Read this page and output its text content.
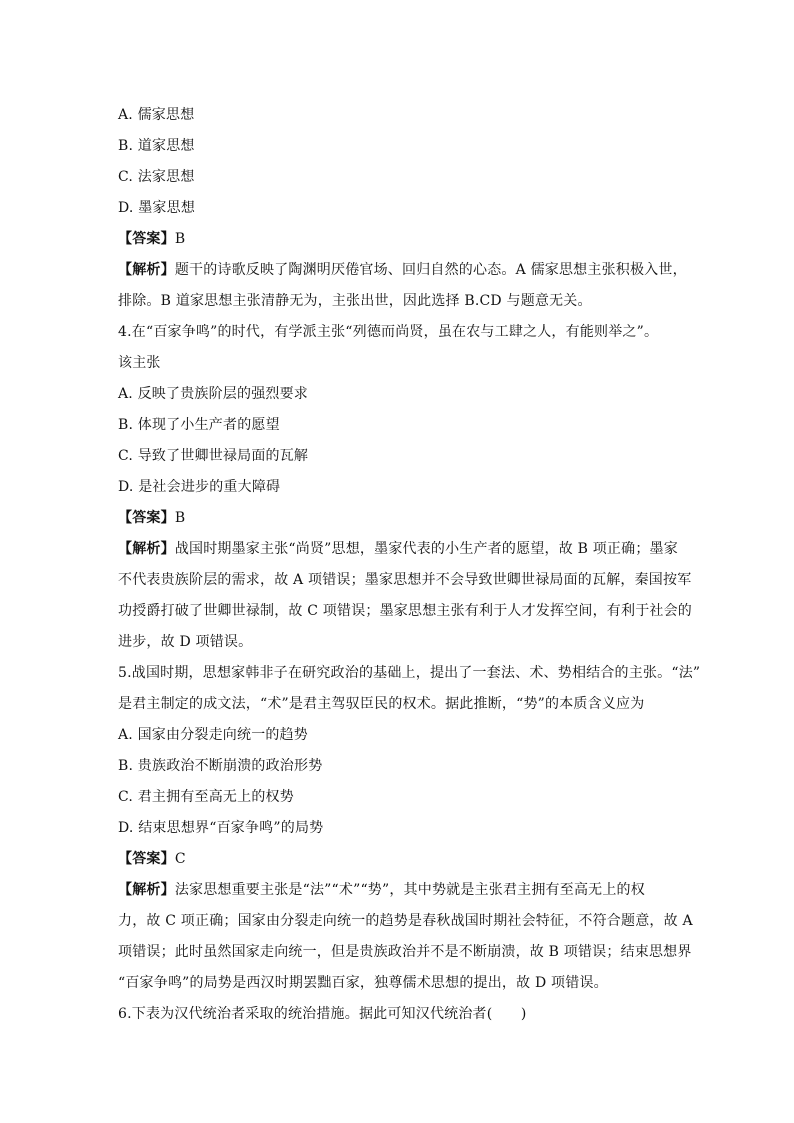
A. 儒家思想
B. 道家思想
C. 法家思想
D. 墨家思想
【答案】B
【解析】题干的诗歌反映了陶渊明厌倦官场、回归自然的心态。A 儒家思想主张积极入世，
排除。B 道家思想主张清静无为，主张出世，因此选择 B.CD 与题意无关。
4.在“百家争鸣”的时代，有学派主张“列德而尚贤，虽在农与工肆之人，有能则举之”。
该主张
A. 反映了贵族阶层的强烈要求
B. 体现了小生产者的愿望
C. 导致了世卿世禄局面的瓦解
D. 是社会进步的重大障碍
【答案】B
【解析】战国时期墨家主张“尚贤”思想，墨家代表的小生产者的愿望，故 B 项正确；墨家
不代表贵族阶层的需求，故 A 项错误；墨家思想并不会导致世卿世禄局面的瓦解，秦国按军
功授爵打破了世卿世禄制，故 C 项错误；墨家思想主张有利于人才发挥空间，有利于社会的
进步，故 D 项错误。
5.战国时期，思想家韩非子在研究政治的基础上，提出了一套法、术、势相结合的主张。“法”
是君主制定的成文法，“术”是君主驾驭臣民的权术。据此推断，“势”的本质含义应为
A. 国家由分裂走向统一的趋势
B. 贵族政治不断崩溃的政治形势
C. 君主拥有至高无上的权势
D. 结束思想界“百家争鸣”的局势
【答案】C
【解析】法家思想重要主张是“法”“术”“势”，其中势就是主张君主拥有至高无上的权
力，故 C 项正确；国家由分裂走向统一的趋势是春秋战国时期社会特征，不符合题意，故 A
项错误；此时虽然国家走向统一，但是贵族政治并不是不断崩溃，故 B 项错误；结束思想界
“百家争鸣”的局势是西汉时期罢黜百家，独尊儒术思想的提出，故 D 项错误。
6.下表为汉代统治者采取的统治措施。据此可知汉代统治者(　　)
